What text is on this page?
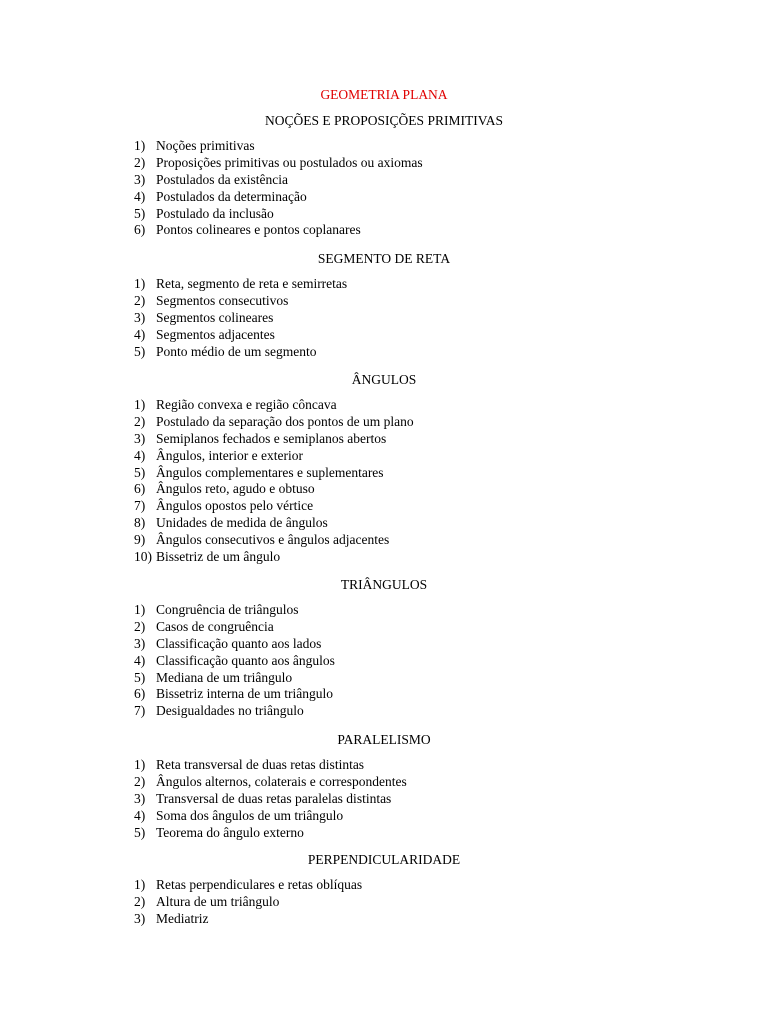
GEOMETRIA PLANA
NOÇÕES E PROPOSIÇÕES PRIMITIVAS
1) Noções primitivas
2) Proposições primitivas ou postulados ou axiomas
3) Postulados da existência
4) Postulados da determinação
5) Postulado da inclusão
6) Pontos colineares e pontos coplanares
SEGMENTO DE RETA
1) Reta, segmento de reta e semirretas
2) Segmentos consecutivos
3) Segmentos colineares
4) Segmentos adjacentes
5) Ponto médio de um segmento
ÂNGULOS
1) Região convexa e região côncava
2) Postulado da separação dos pontos de um plano
3) Semiplanos fechados e semiplanos abertos
4) Ângulos, interior e exterior
5) Ângulos complementares e suplementares
6) Ângulos reto, agudo e obtuso
7) Ângulos opostos pelo vértice
8) Unidades de medida de ângulos
9) Ângulos consecutivos e ângulos adjacentes
10) Bissetriz de um ângulo
TRIÂNGULOS
1) Congruência de triângulos
2) Casos de congruência
3) Classificação quanto aos lados
4) Classificação quanto aos ângulos
5) Mediana de um triângulo
6) Bissetriz interna de um triângulo
7) Desigualdades no triângulo
PARALELISMO
1) Reta transversal de duas retas distintas
2) Ângulos alternos, colaterais e correspondentes
3) Transversal de duas retas paralelas distintas
4) Soma dos ângulos de um triângulo
5) Teorema do ângulo externo
PERPENDICULARIDADE
1) Retas perpendiculares e retas oblíquas
2) Altura de um triângulo
3) Mediatriz
